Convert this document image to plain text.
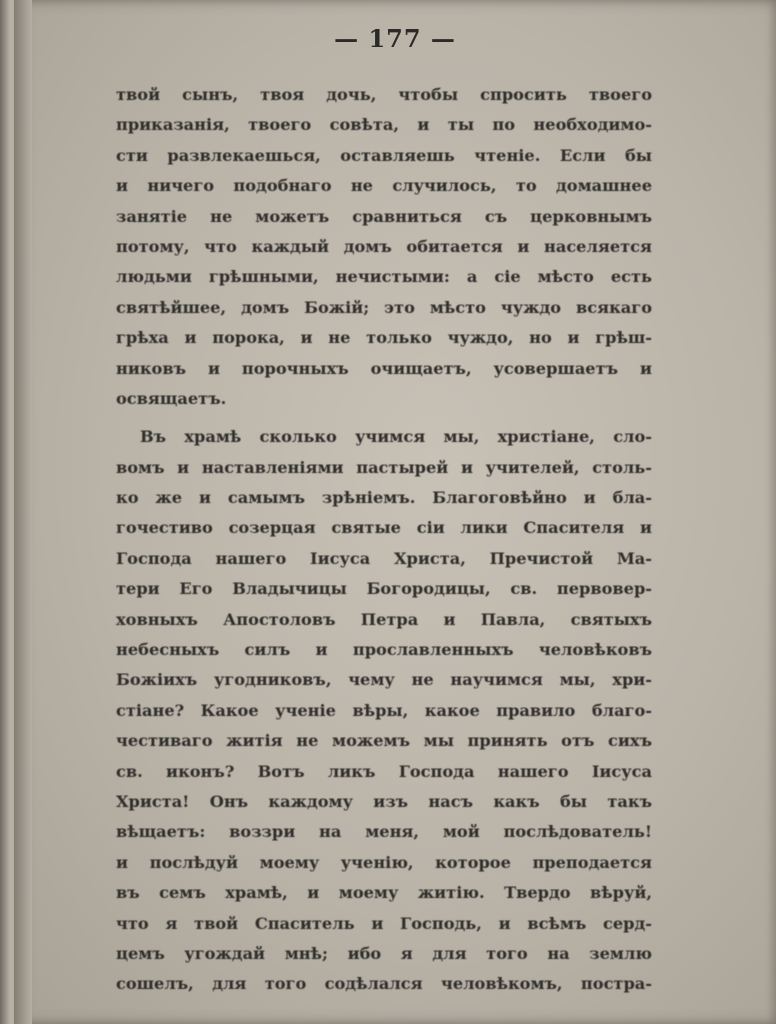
— 177 —
твой сынъ, твоя дочь, чтобы спросить твоего
приказанія, твоего совѣта, и ты по необходимо-
сти развлекаешься, оставляешь чтеніе. Если бы
и ничего подобнаго не случилось, то домашнее
занятіе не можетъ сравниться съ церковнымъ
потому, что каждый домъ обитается и населяется
людьми грѣшными, нечистыми: а сіе мѣсто есть
святѣйшее, домъ Божій; это мѣсто чуждо всякаго
грѣха и порока, и не только чуждо, но и грѣш-
никовъ и порочныхъ очищаетъ, усовершаетъ и
освящаетъ.
Въ храмѣ сколько учимся мы, христіане, сло-
вомъ и наставленіями пастырей и учителей, столь-
ко же и самымъ зрѣніемъ. Благоговѣйно и бла-
гочестиво созерцая святые сіи лики Спасителя и
Господа нашего Іисуса Христа, Пречистой Ма-
тери Его Владычицы Богородицы, св. первовер-
ховныхъ Апостоловъ Петра и Павла, святыхъ
небесныхъ силъ и прославленныхъ человѣковъ
Божіихъ угодниковъ, чему не научимся мы, хри-
стіане? Какое ученіе вѣры, какое правило благо-
честиваго житія не можемъ мы принять отъ сихъ
св. иконъ? Вотъ ликъ Господа нашего Іисуса
Христа! Онъ каждому изъ насъ какъ бы такъ
вѣщаетъ: воззри на меня, мой послѣдователь!
и послѣдуй моему ученію, которое преподается
въ семъ храмѣ, и моему житію. Твердо вѣруй,
что я твой Спаситель и Господь, и всѣмъ серд-
цемъ угождай мнѣ; ибо я для того на землю
сошелъ, для того содѣлался человѣкомъ, постра-
